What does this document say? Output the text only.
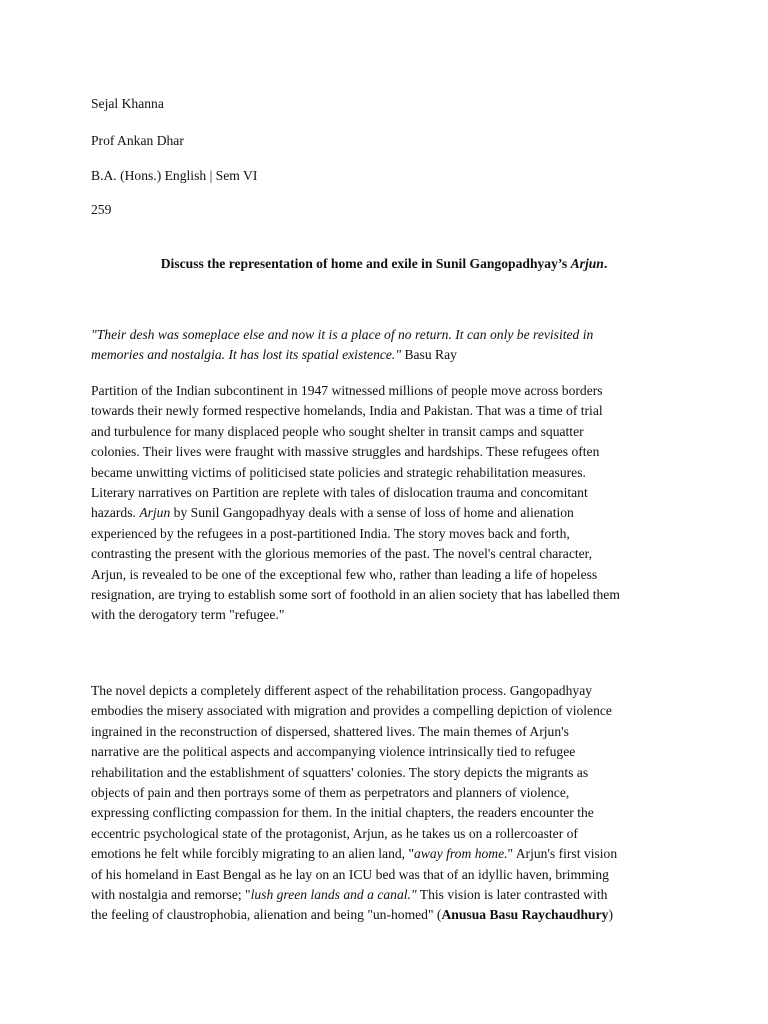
Sejal Khanna
Prof Ankan Dhar
B.A. (Hons.) English | Sem VI
259
Discuss the representation of home and exile in Sunil Gangopadhyay’s Arjun.
"Their desh was someplace else and now it is a place of no return. It can only be revisited in
memories and nostalgia. It has lost its spatial existence." Basu Ray
Partition of the Indian subcontinent in 1947 witnessed millions of people move across borders
towards their newly formed respective homelands, India and Pakistan. That was a time of trial
and turbulence for many displaced people who sought shelter in transit camps and squatter
colonies. Their lives were fraught with massive struggles and hardships. These refugees often
became unwitting victims of politicised state policies and strategic rehabilitation measures.
Literary narratives on Partition are replete with tales of dislocation trauma and concomitant
hazards. Arjun by Sunil Gangopadhyay deals with a sense of loss of home and alienation
experienced by the refugees in a post-partitioned India. The story moves back and forth,
contrasting the present with the glorious memories of the past. The novel's central character,
Arjun, is revealed to be one of the exceptional few who, rather than leading a life of hopeless
resignation, are trying to establish some sort of foothold in an alien society that has labelled them
with the derogatory term "refugee."
The novel depicts a completely different aspect of the rehabilitation process. Gangopadhyay
embodies the misery associated with migration and provides a compelling depiction of violence
ingrained in the reconstruction of dispersed, shattered lives. The main themes of Arjun's
narrative are the political aspects and accompanying violence intrinsically tied to refugee
rehabilitation and the establishment of squatters' colonies. The story depicts the migrants as
objects of pain and then portrays some of them as perpetrators and planners of violence,
expressing conflicting compassion for them. In the initial chapters, the readers encounter the
eccentric psychological state of the protagonist, Arjun, as he takes us on a rollercoaster of
emotions he felt while forcibly migrating to an alien land, "away from home." Arjun's first vision
of his homeland in East Bengal as he lay on an ICU bed was that of an idyllic haven, brimming
with nostalgia and remorse; "lush green lands and a canal." This vision is later contrasted with
the feeling of claustrophobia, alienation and being "un-homed" (Anusua Basu Raychaudhury)
